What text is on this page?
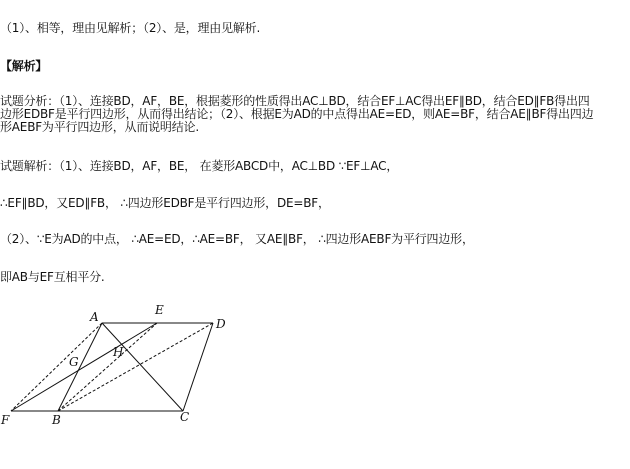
（1）、相等，理由见解析；（2）、是，理由见解析.

【解析】

试题分析：（1）、连接BD，AF，BE，根据菱形的性质得出AC⊥BD，结合EF⊥AC得出EF∥BD，结合ED∥FB得出四边形EDBF是平行四边形，从而得出结论；（2）、根据E为AD的中点得出AE=ED，则AE=BF，结合AE∥BF得出四边形AEBF为平行四边形，从而说明结论.

试题解析：（1）、连接BD，AF，BE， 在菱形ABCD中，AC⊥BD ∵EF⊥AC，

∴EF∥BD，又ED∥FB， ∴四边形EDBF是平行四边形，DE=BF，

（2）、∵E为AD的中点， ∴AE=ED，∴AE=BF， 又AE∥BF， ∴四边形AEBF为平行四边形，

即AB与EF互相平分.

A	E
D
G
H
F	B	C
